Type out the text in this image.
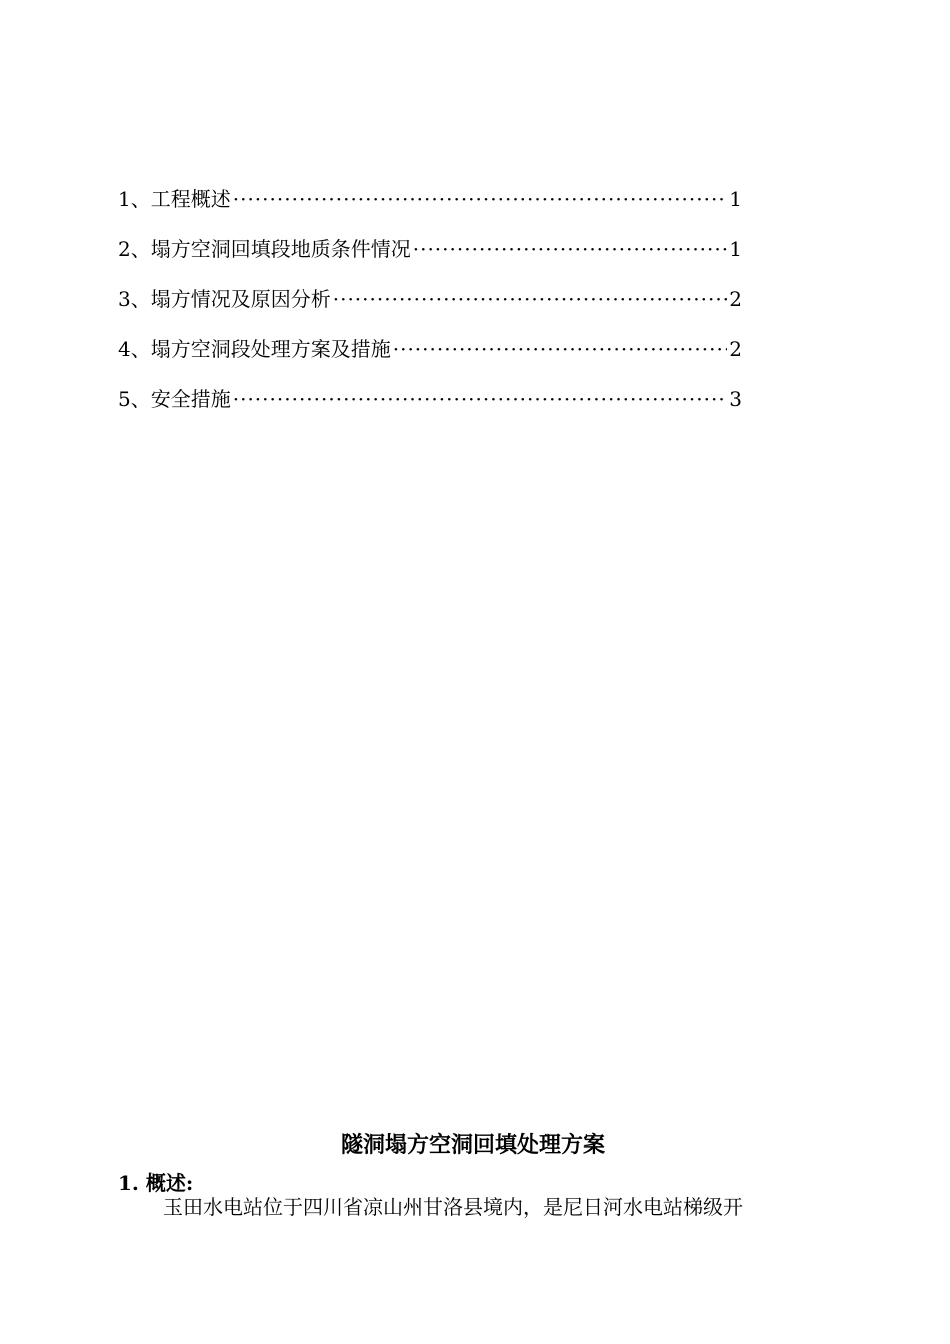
1、工程概述 ·····	1
2、塌方空洞回填段地质条件情况 ·····	1
3、塌方情况及原因分析 ·····	2
4、塌方空洞段处理方案及措施 ·····	2
5、安全措施 ·····	3
隧洞塌方空洞回填处理方案
1. 概述:
玉田水电站位于四川省凉山州甘洛县境内，是尼日河水电站梯级开
